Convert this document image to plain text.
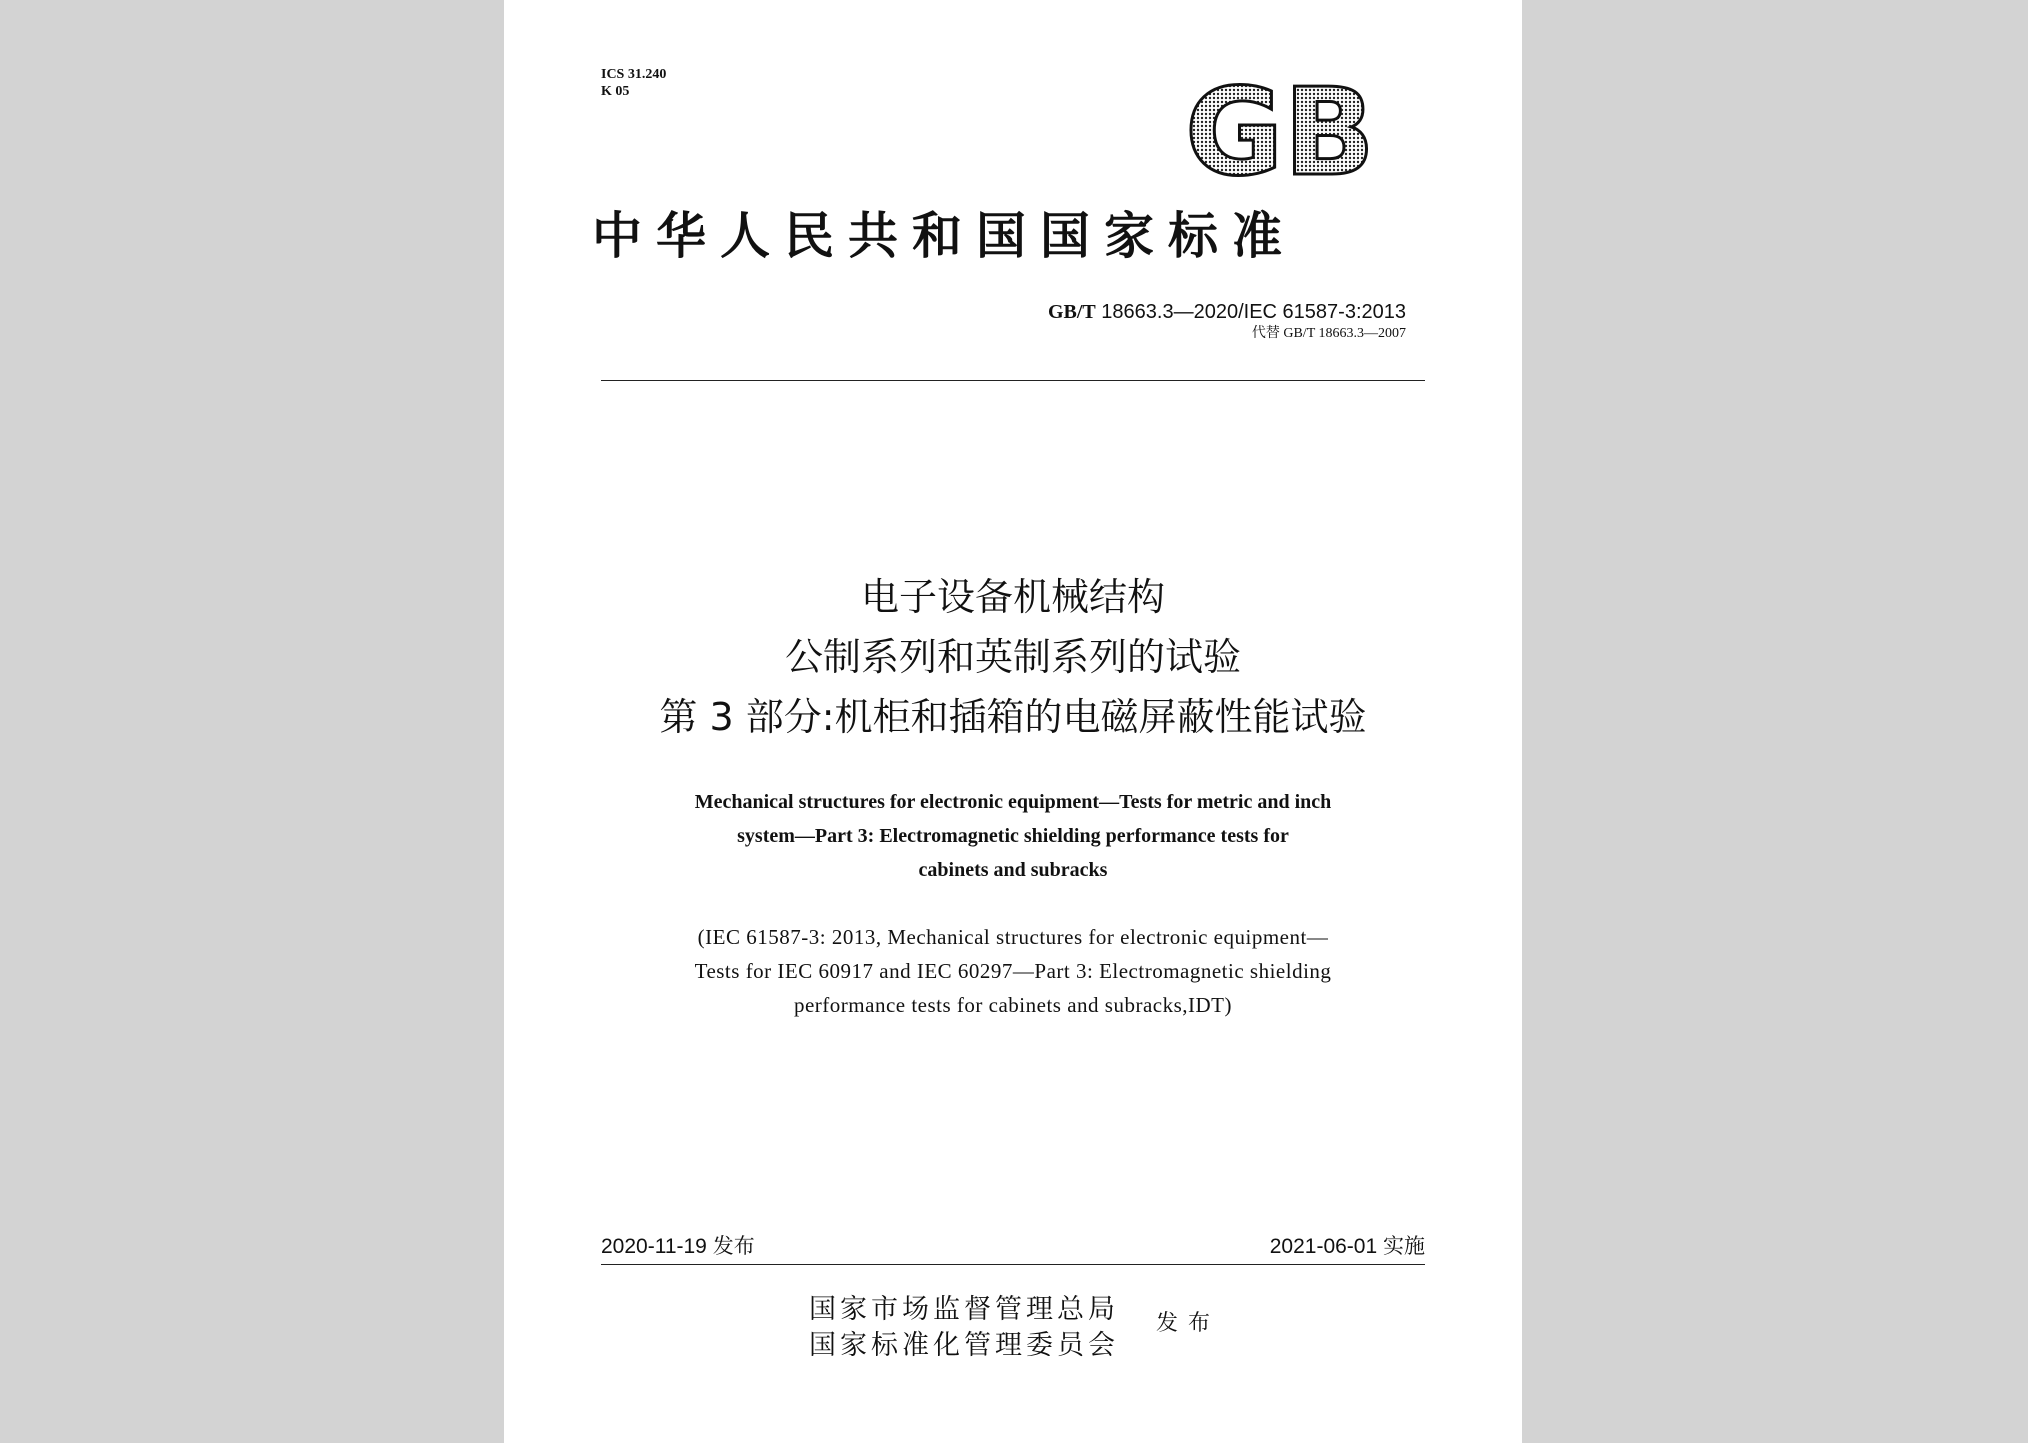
ICS 31.240
K 05	GB
中华人民共和国国家标准
GB/T 18663.3—2020/IEC 61587-3:2013
代替 GB/T 18663.3—2007
电子设备机械结构
公制系列和英制系列的试验
第 3 部分:机柜和插箱的电磁屏蔽性能试验
Mechanical structures for electronic equipment—Tests for metric and inch
system—Part 3: Electromagnetic shielding performance tests for
cabinets and subracks
(IEC 61587-3: 2013, Mechanical structures for electronic equipment—
Tests for IEC 60917 and IEC 60297—Part 3: Electromagnetic shielding
performance tests for cabinets and subracks,IDT)
2020-11-19 发布	2021-06-01 实施
国家市场监督管理总局
国家标准化管理委员会
发布
